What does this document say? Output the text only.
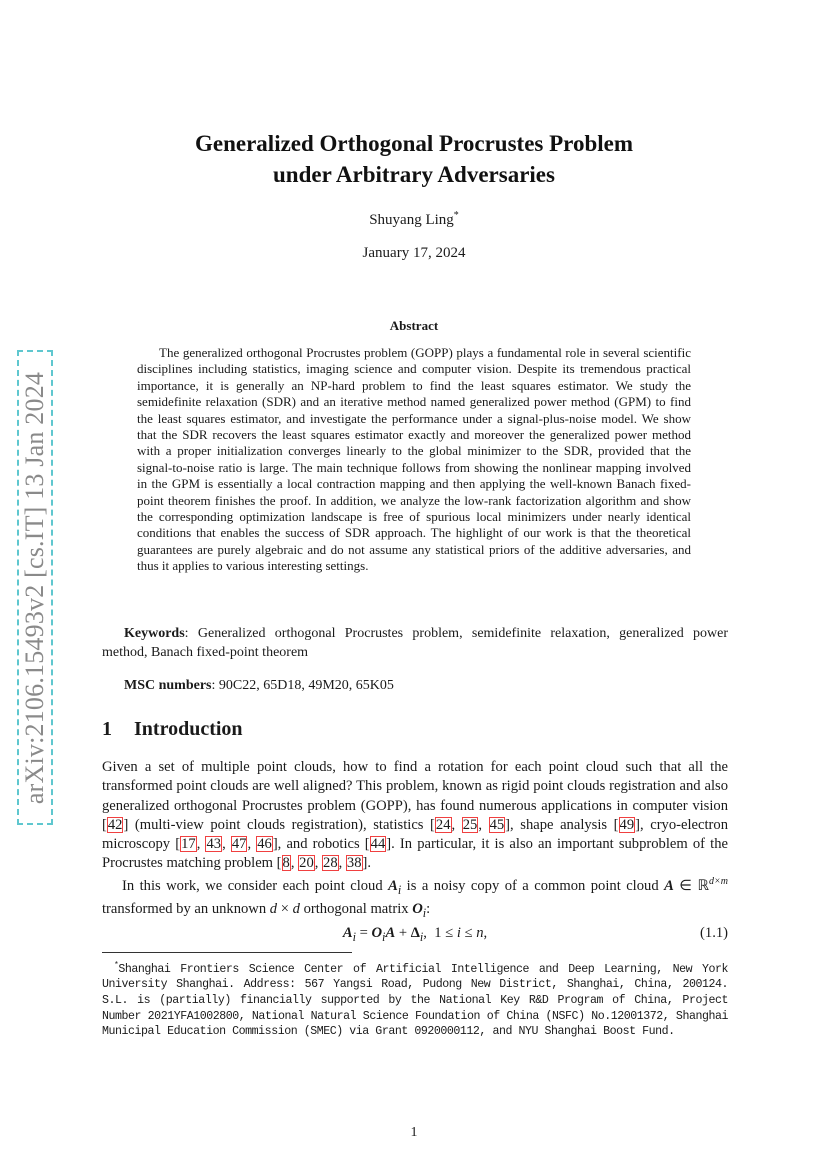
arXiv:2106.15493v2 [cs.IT] 13 Jan 2024
Generalized Orthogonal Procrustes Problem
under Arbitrary Adversaries
Shuyang Ling*
January 17, 2024
Abstract
The generalized orthogonal Procrustes problem (GOPP) plays a fundamental role in several scientific disciplines including statistics, imaging science and computer vision. Despite its tremendous practical importance, it is generally an NP-hard problem to find the least squares estimator. We study the semidefinite relaxation (SDR) and an iterative method named generalized power method (GPM) to find the least squares estimator, and investigate the performance under a signal-plus-noise model. We show that the SDR recovers the least squares estimator exactly and moreover the generalized power method with a proper initialization converges linearly to the global minimizer to the SDR, provided that the signal-to-noise ratio is large. The main technique follows from showing the nonlinear mapping involved in the GPM is essentially a local contraction mapping and then applying the well-known Banach fixed-point theorem finishes the proof. In addition, we analyze the low-rank factorization algorithm and show the corresponding optimization landscape is free of spurious local minimizers under nearly identical conditions that enables the success of SDR approach. The highlight of our work is that the theoretical guarantees are purely algebraic and do not assume any statistical priors of the additive adversaries, and thus it applies to various interesting settings.
Keywords: Generalized orthogonal Procrustes problem, semidefinite relaxation, generalized power method, Banach fixed-point theorem
MSC numbers: 90C22, 65D18, 49M20, 65K05
1 Introduction
Given a set of multiple point clouds, how to find a rotation for each point cloud such that all the transformed point clouds are well aligned? This problem, known as rigid point clouds registration and also generalized orthogonal Procrustes problem (GOPP), has found numerous applications in computer vision [42] (multi-view point clouds registration), statistics [24, 25, 45], shape analysis [49], cryo-electron microscopy [17, 43, 47, 46], and robotics [44]. In particular, it is also an important subproblem of the Procrustes matching problem [8, 20, 28, 38].
In this work, we consider each point cloud $A_i$ is a noisy copy of a common point cloud A ∈ ℝ$^{d\times m}$ transformed by an unknown d × d orthogonal matrix $O_i$:
$A_i = O_iA + \Delta_i$,  1 ≤ i ≤ n,	(1.1)
*Shanghai Frontiers Science Center of Artificial Intelligence and Deep Learning, New York University Shanghai. Address: 567 Yangsi Road, Pudong New District, Shanghai, China, 200124. S.L. is (partially) financially supported by the National Key R&D Program of China, Project Number 2021YFA1002800, National Natural Science Foundation of China (NSFC) No.12001372, Shanghai Municipal Education Commission (SMEC) via Grant 0920000112, and NYU Shanghai Boost Fund.
1
